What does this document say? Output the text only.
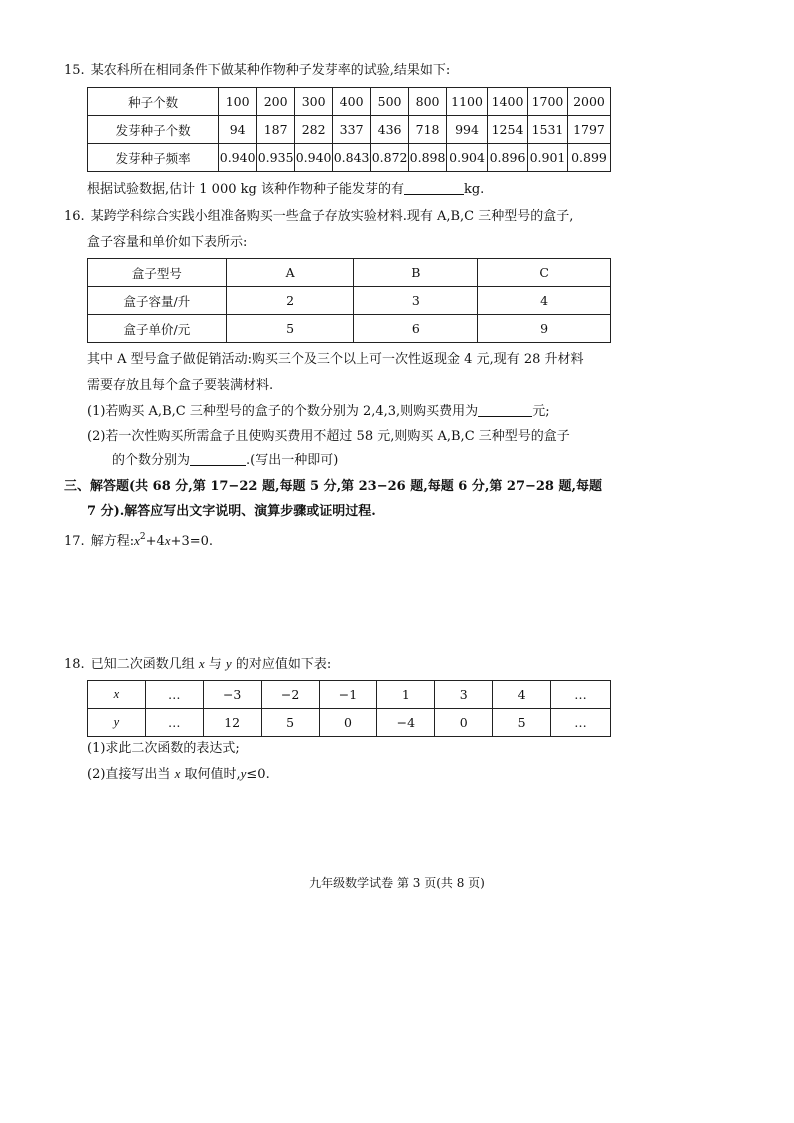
15. 某农科所在相同条件下做某种作物种子发芽率的试验,结果如下:
种子个数	100	200	300	400	500	800	1100	1400	1700	2000
发芽种子个数	94	187	282	337	436	718	994	1254	1531	1797
发芽种子频率	0.940	0.935	0.940	0.843	0.872	0.898	0.904	0.896	0.901	0.899
根据试验数据,估计 1 000 kg 该种作物种子能发芽的有	kg.
16. 某跨学科综合实践小组准备购买一些盒子存放实验材料.现有 A,B,C 三种型号的盒子,
盒子容量和单价如下表所示:
盒子型号	A	B	C
盒子容量/升	2	3	4
盒子单价/元	5	6	9
其中 A 型号盒子做促销活动:购买三个及三个以上可一次性返现金 4 元,现有 28 升材料
需要存放且每个盒子要装满材料.
(1)若购买 A,B,C 三种型号的盒子的个数分别为 2,4,3,则购买费用为	元;
(2)若一次性购买所需盒子且使购买费用不超过 58 元,则购买 A,B,C 三种型号的盒子
的个数分别为	.(写出一种即可)
三、解答题(共 68 分,第 17−22 题,每题 5 分,第 23−26 题,每题 6 分,第 27−28 题,每题
7 分).解答应写出文字说明、演算步骤或证明过程.
17. 解方程$:x^2+4x+3=0$.
18. 已知二次函数几组 x 与 y 的对应值如下表:
x	…	−3	−2	−1	1	3	4	…
y	…	12	5	0	−4	0	5	…
(1)求此二次函数的表达式;
(2)直接写出当 x 取何值时,y≤0.
九年级数学试卷 第 3 页(共 8 页)
